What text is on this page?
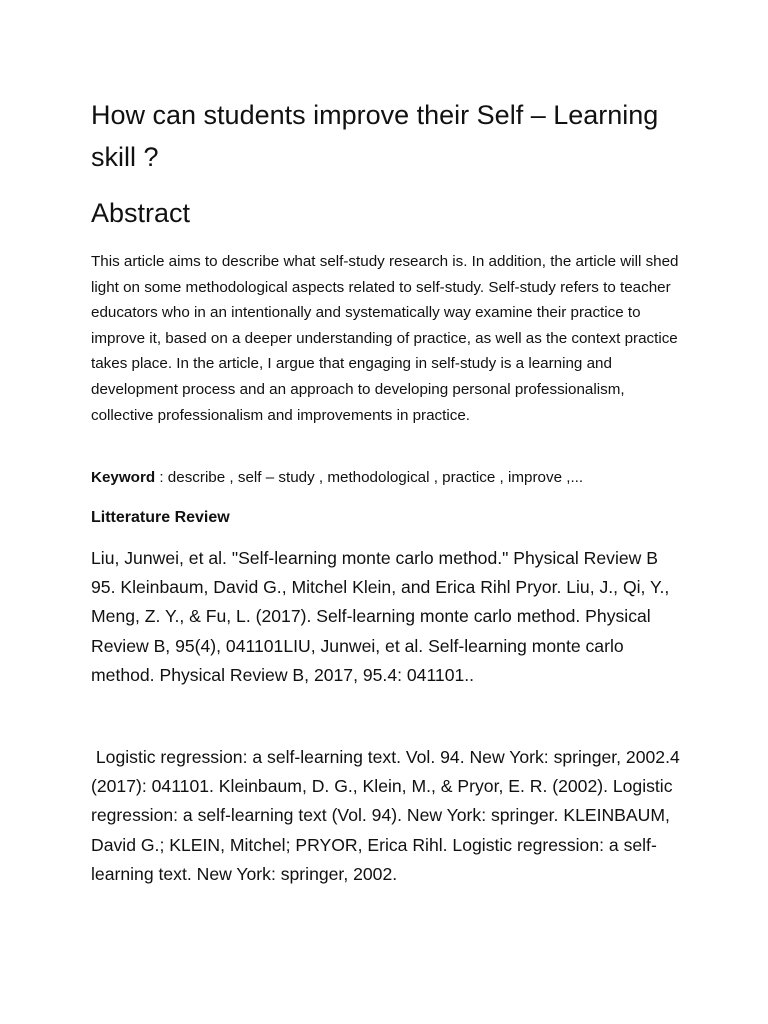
How can students improve their Self – Learning skill ?
Abstract

This article aims to describe what self-study research is. In addition, the article will shed light on some methodological aspects related to self-study. Self-study refers to teacher educators who in an intentionally and systematically way examine their practice to improve it, based on a deeper understanding of practice, as well as the context practice takes place. In the article, I argue that engaging in self-study is a learning and development process and an approach to developing personal professionalism, collective professionalism and improvements in practice.

Keyword : describe , self – study , methodological , practice , improve ,...

Litterature Review

Liu, Junwei, et al. "Self-learning monte carlo method." Physical Review B 95. Kleinbaum, David G., Mitchel Klein, and Erica Rihl Pryor. Liu, J., Qi, Y., Meng, Z. Y., & Fu, L. (2017). Self-learning monte carlo method. Physical Review B, 95(4), 041101LIU, Junwei, et al. Self-learning monte carlo method. Physical Review B, 2017, 95.4: 041101..

Logistic regression: a self-learning text. Vol. 94. New York: springer, 2002.4 (2017): 041101. Kleinbaum, D. G., Klein, M., & Pryor, E. R. (2002). Logistic regression: a self-learning text (Vol. 94). New York: springer. KLEINBAUM, David G.; KLEIN, Mitchel; PRYOR, Erica Rihl. Logistic regression: a self-learning text. New York: springer, 2002.
